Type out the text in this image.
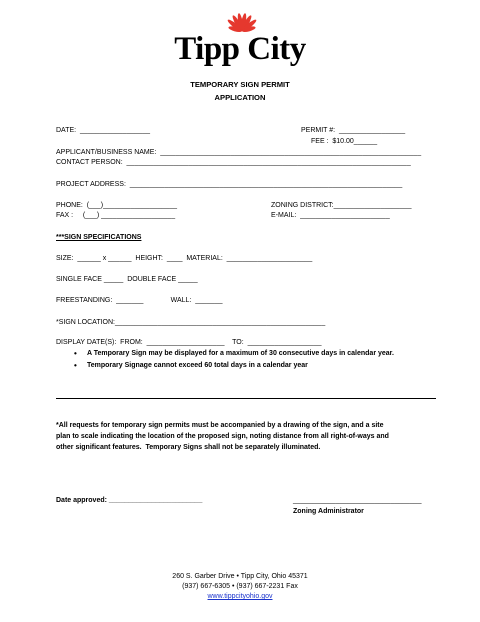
Tipp City
TEMPORARY SIGN PERMIT
APPLICATION
DATE:  __________________	PERMIT #:  _________________
FEE :  $10.00______
APPLICANT/BUSINESS NAME:  ___________________________________________________________________
CONTACT PERSON:  _________________________________________________________________________
PROJECT ADDRESS:  ______________________________________________________________________
PHONE:  (___)___________________	ZONING DISTRICT:____________________
FAX :     (___) ___________________	E-MAIL:  _______________________
***SIGN SPECIFICATIONS
SIZE:  ______ x ______  HEIGHT:  ____  MATERIAL:  ______________________
SINGLE FACE _____  DOUBLE FACE _____
FREESTANDING:  _______              WALL:  _______
*SIGN LOCATION:______________________________________________________
DISPLAY DATE(S):  FROM:  ____________________    TO:  ___________________
• A Temporary Sign may be displayed for a maximum of 30 consecutive days in calendar year.
• Temporary Signage cannot exceed 60 total days in a calendar year
*All requests for temporary sign permits must be accompanied by a drawing of the sign, and a site
plan to scale indicating the location of the proposed sign, noting distance from all right-of-ways and
other significant features.  Temporary Signs shall not be separately illuminated.
Date approved: ________________________	_________________________________
Zoning Administrator
260 S. Garber Drive • Tipp City, Ohio 45371
(937) 667-6305 • (937) 667-2231 Fax
www.tippcityohio.gov
